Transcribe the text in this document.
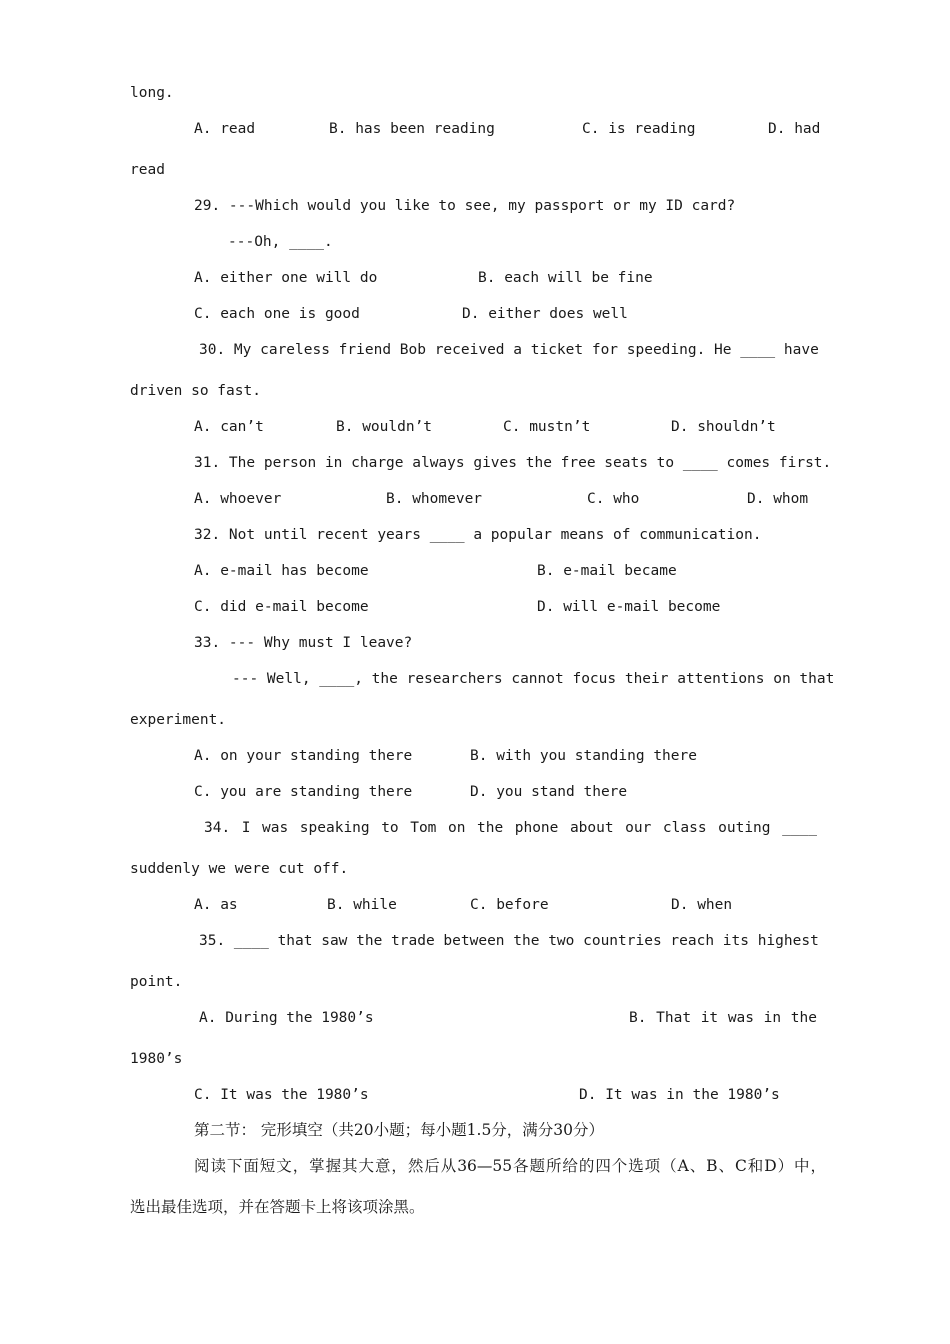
long.
A. read	B. has been reading	C. is reading	D. had
read
29. ---Which would you like to see, my passport or my ID card?
---Oh, ____.
A. either one will do	B. each will be fine
C. each one is good	D. either does well
30. My careless friend Bob received a ticket for speeding. He ____ have
driven so fast.
A. can’t	B. wouldn’t	C. mustn’t	D. shouldn’t
31. The person in charge always gives the free seats to ____ comes first.
A. whoever	B. whomever	C. who	D. whom
32. Not until recent years ____ a popular means of communication.
A. e-mail has become	B. e-mail became
C. did e-mail become	D. will e-mail become
33. --- Why must I leave?
--- Well, ____, the researchers cannot focus their attentions on that
experiment.
A. on your standing there	B. with you standing there
C. you are standing there	D. you stand there
34. I was speaking to Tom on the phone about our class outing ____
suddenly we were cut off.
A. as	B. while	C. before	D. when
35. ____ that saw the trade between the two countries reach its highest
point.
A. During the 1980’s	B. That it was in the
1980’s
C. It was the 1980’s	D. It was in the 1980’s
第二节： 完形填空（共20小题；每小题1.5分，满分30分）
阅读下面短文，掌握其大意，然后从36—55各题所给的四个选项（A、B、C和D）中，
选出最佳选项，并在答题卡上将该项涂黑。
